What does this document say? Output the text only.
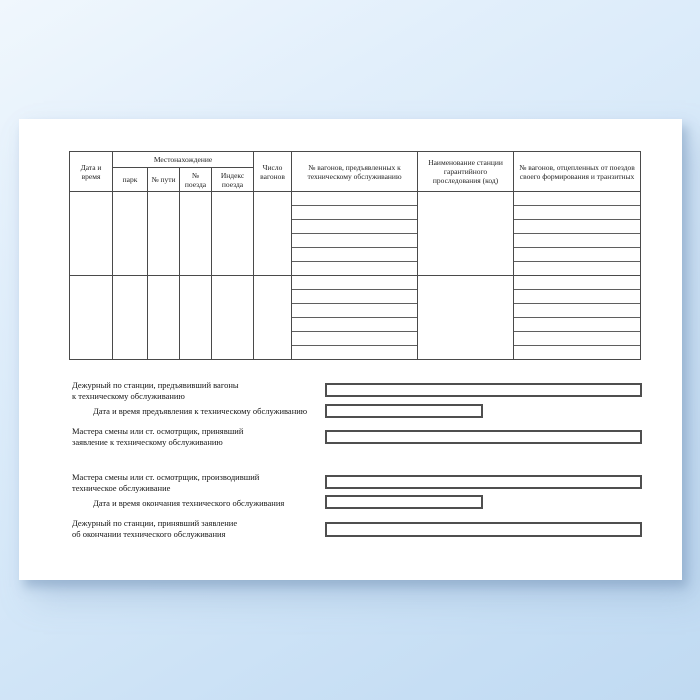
Дата и время	Местонахождение				Число вагонов	№ вагонов, предъявленных к техническому обслуживанию	Наименование станции гарантийного проследования (код)	№ вагонов, отцепленных от поездов своего формирования и транзитных
	парк	№ пути	№ поезда	Индекс поезда				

Дежурный по станции, предъявивший вагоны
к техническому обслуживанию
Дата и время предъявления к техническому обслуживанию
Мастера смены или ст. осмотрщик, принявший
заявление к техническому обслуживанию
Мастера смены или ст. осмотрщик, производивший
техническое обслуживание
Дата и время окончания технического обслуживания
Дежурный по станции, принявший заявление
об окончании технического обслуживания
